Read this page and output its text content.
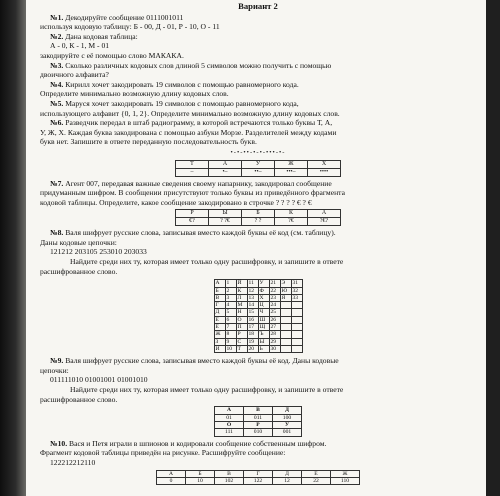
Вариант 2

№1. Декодируйте сообщение 0111001011

используя кодовую таблицу: Б - 00, Д - 01, Р - 10, О - 11

№2. Дана кодовая таблица:

А - 0, К - 1, М - 01

закодируйте с её помощью слово МАКАКА.

№3. Сколько различных кодовых слов длиной 5 символов можно получить с помощью

двоичного алфавита?

№4. Кирилл хочет закодировать 19 символов с помощью равномерного кода.

Определите минимально возможную длину кодовых слов.

№5. Маруся хочет закодировать 19 символов с помощью равномерного кода,

использующего алфавит {0, 1, 2}. Определите минимально возможную длину кодовых слов.

№6. Разведчик передал в штаб радиограмму, в которой встречаются только буквы Т, А,

У, Ж, Х. Каждая буква закодирована с помощью азбуки Морзе. Разделителей между кодами

букв нет. Запишите в ответе переданную последовательность букв.

•-•-••-•-•-•••-•-
Т	А	У	Ж	Х
–	•–	••–	•••–	••••

№7. Агент 007, передавая важные сведения своему напарнику, закодировал сообщение

придуманным шифром. В сообщении присутствуют только буквы из приведённого фрагмента

кодовой таблицы. Определите, какое сообщение закодировано в строчке ? ? ? ? € ? €

Р	Ы	Б	К	А
€?	? ?€	? ?	?€	?€?

№8. Валя шифрует русские слова, записывая вместо каждой буквы её код (см. таблицу).

Даны кодовые цепочки:

121212 203105 253010 203033

Найдите среди них ту, которая имеет только одну расшифровку, и запишите в ответе

расшифрованное слово.

А	1	Й	11	У	21	Э	31
Б	2	К	12	Ф	22	Ю	32
В	3	Л	13	Х	23	Я	33
Г	4	М	14	Ц	24		
Д	5	Н	15	Ч	25		
Е	6	О	16	Ш	26		
Ё	7	П	17	Щ	27		
Ж	8	Р	18	Ъ	28		
З	9	С	19	Ы	29		
И	10	Т	20	Ь	30		

№9. Валя шифрует русские слова, записывая вместо каждой буквы её код. Даны кодовые

цепочки:

011111010 01001001 01001010

Найдите среди них ту, которая имеет только одну расшифровку, и запишите в ответе

расшифрованное слово.

А	В	Д
01	011	100
О	Р	У
111	010	001

№10. Вася и Петя играли в шпионов и кодировали сообщение собственным шифром.

Фрагмент кодовой таблицы приведён на рисунке. Расшифруйте сообщение:

122212212110

А	Б	В	Г	Д	Е	Ж
0	10	102	122	12	22	110
